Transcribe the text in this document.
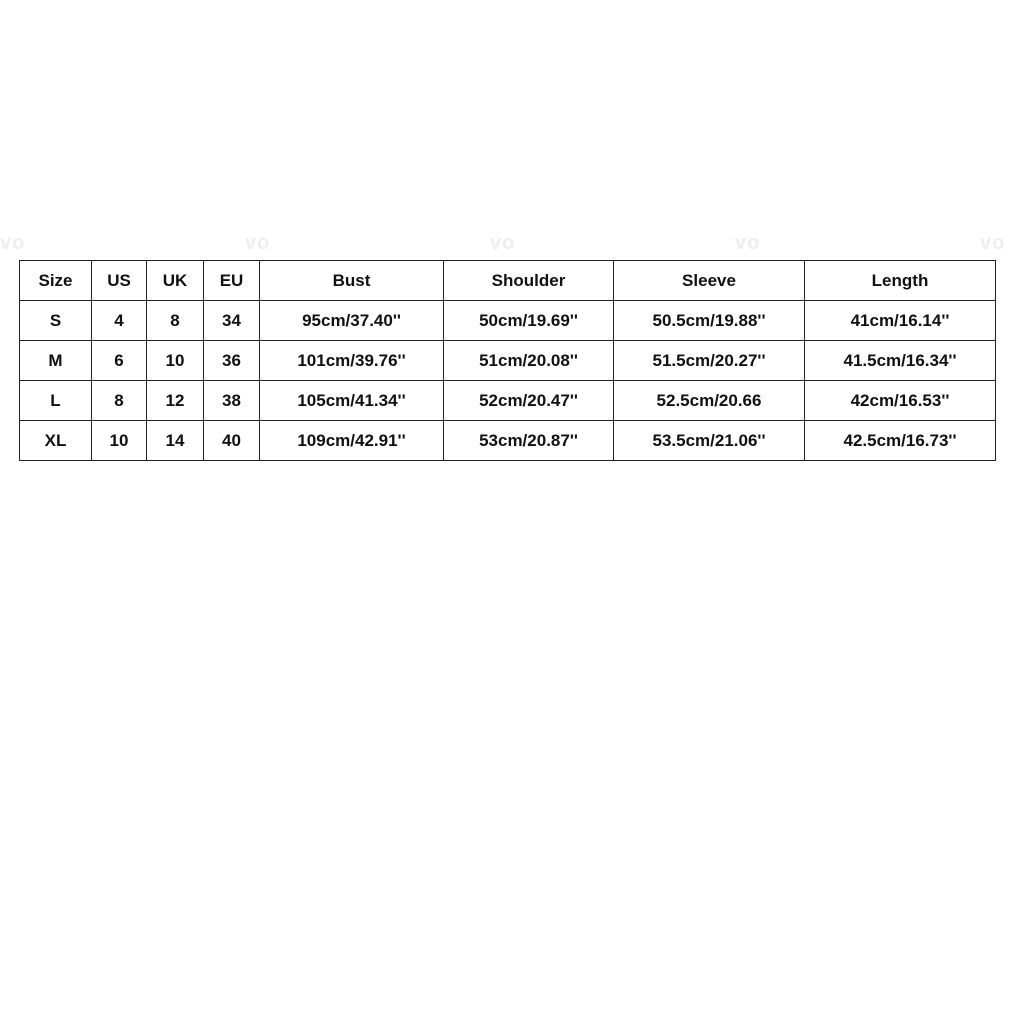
vo	vo	vo	vo	vo
Size	US	UK	EU	Bust	Shoulder	Sleeve	Length
S	4	8	34	95cm/37.40''	50cm/19.69''	50.5cm/19.88''	41cm/16.14''
M	6	10	36	101cm/39.76''	51cm/20.08''	51.5cm/20.27''	41.5cm/16.34''
L	8	12	38	105cm/41.34''	52cm/20.47''	52.5cm/20.66	42cm/16.53''
XL	10	14	40	109cm/42.91''	53cm/20.87''	53.5cm/21.06''	42.5cm/16.73''
